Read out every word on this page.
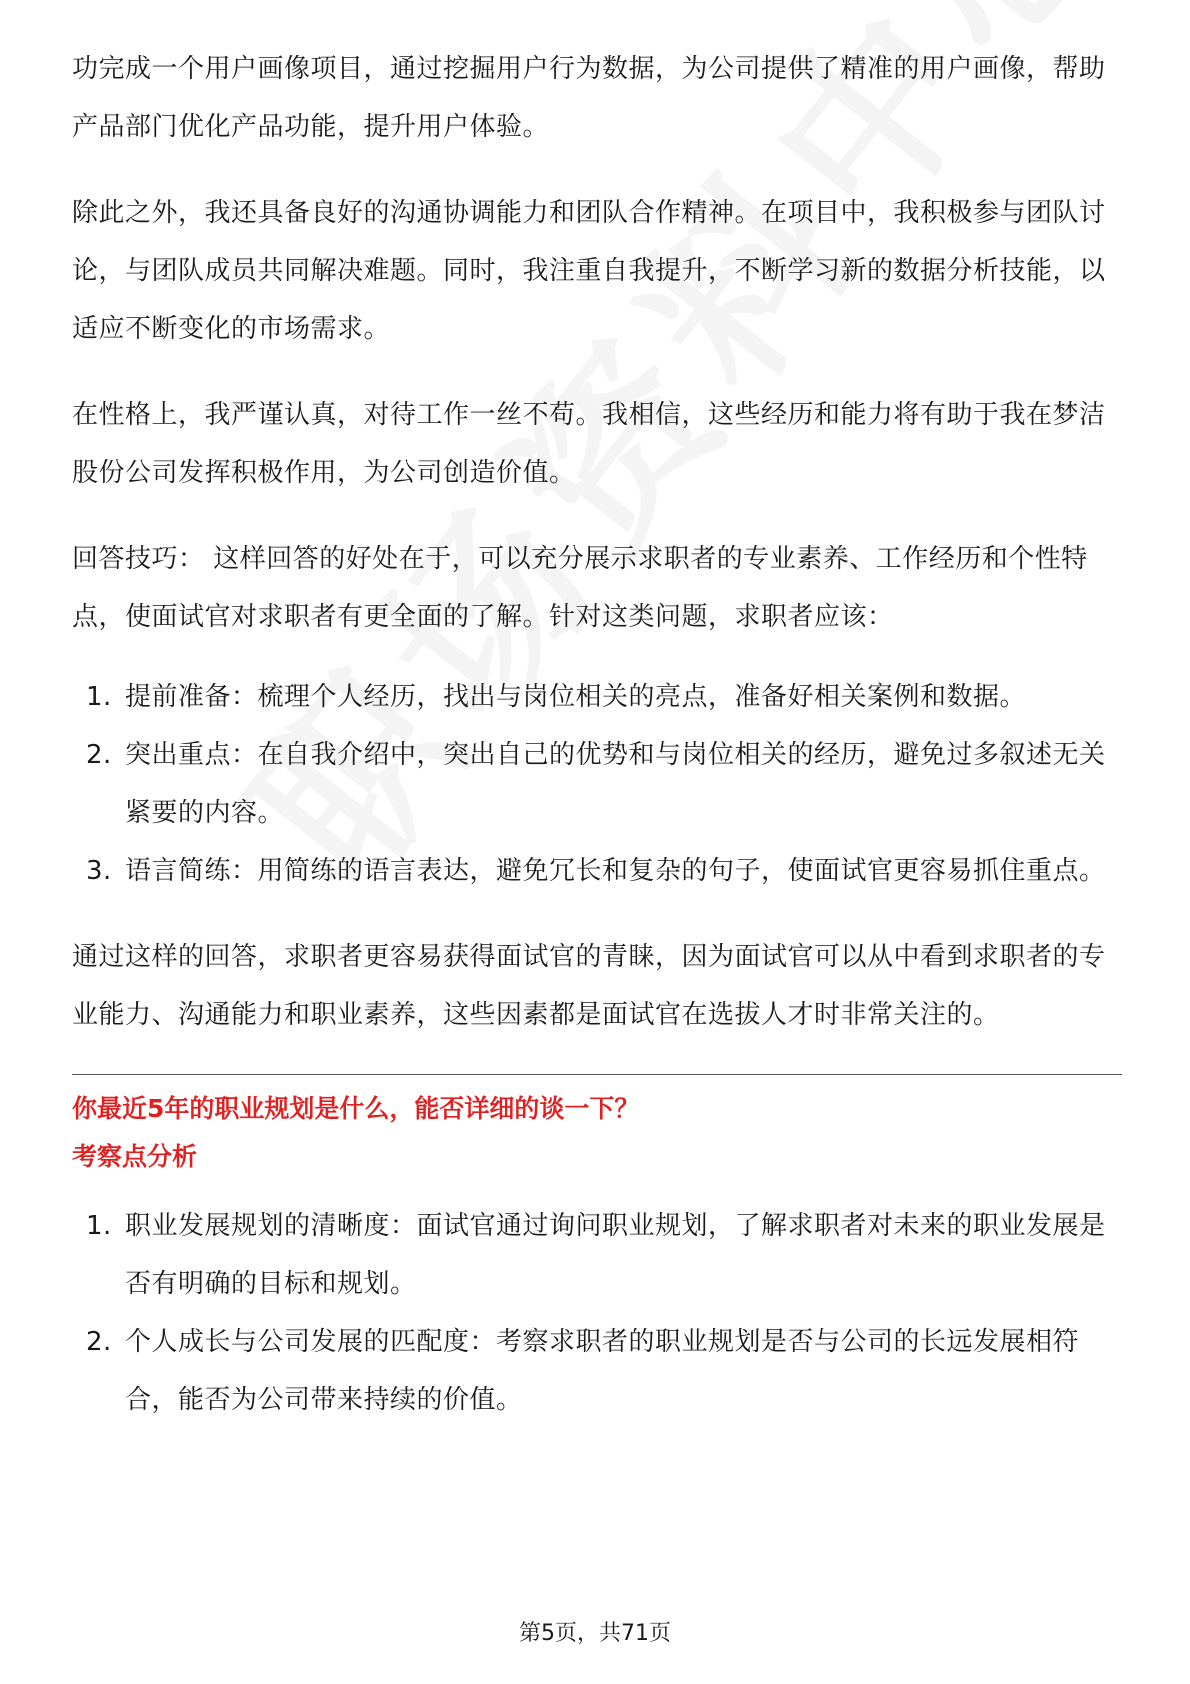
功完成一个用户画像项目，通过挖掘用户行为数据，为公司提供了精准的用户画像，帮助产品部门优化产品功能，提升用户体验。

除此之外，我还具备良好的沟通协调能力和团队合作精神。在项目中，我积极参与团队讨论，与团队成员共同解决难题。同时，我注重自我提升，不断学习新的数据分析技能，以适应不断变化的市场需求。

在性格上，我严谨认真，对待工作一丝不苟。我相信，这些经历和能力将有助于我在梦洁股份公司发挥积极作用，为公司创造价值。

回答技巧： 这样回答的好处在于，可以充分展示求职者的专业素养、工作经历和个性特点，使面试官对求职者有更全面的了解。针对这类问题，求职者应该：

1. 提前准备：梳理个人经历，找出与岗位相关的亮点，准备好相关案例和数据。
2. 突出重点：在自我介绍中，突出自己的优势和与岗位相关的经历，避免过多叙述无关紧要的内容。
3. 语言简练：用简练的语言表达，避免冗长和复杂的句子，使面试官更容易抓住重点。

通过这样的回答，求职者更容易获得面试官的青睐，因为面试官可以从中看到求职者的专业能力、沟通能力和职业素养，这些因素都是面试官在选拔人才时非常关注的。

你最近5年的职业规划是什么，能否详细的谈一下？

考察点分析

1. 职业发展规划的清晰度：面试官通过询问职业规划，了解求职者对未来的职业发展是否有明确的目标和规划。
2. 个人成长与公司发展的匹配度：考察求职者的职业规划是否与公司的长远发展相符合，能否为公司带来持续的价值。
第5页，共71页
